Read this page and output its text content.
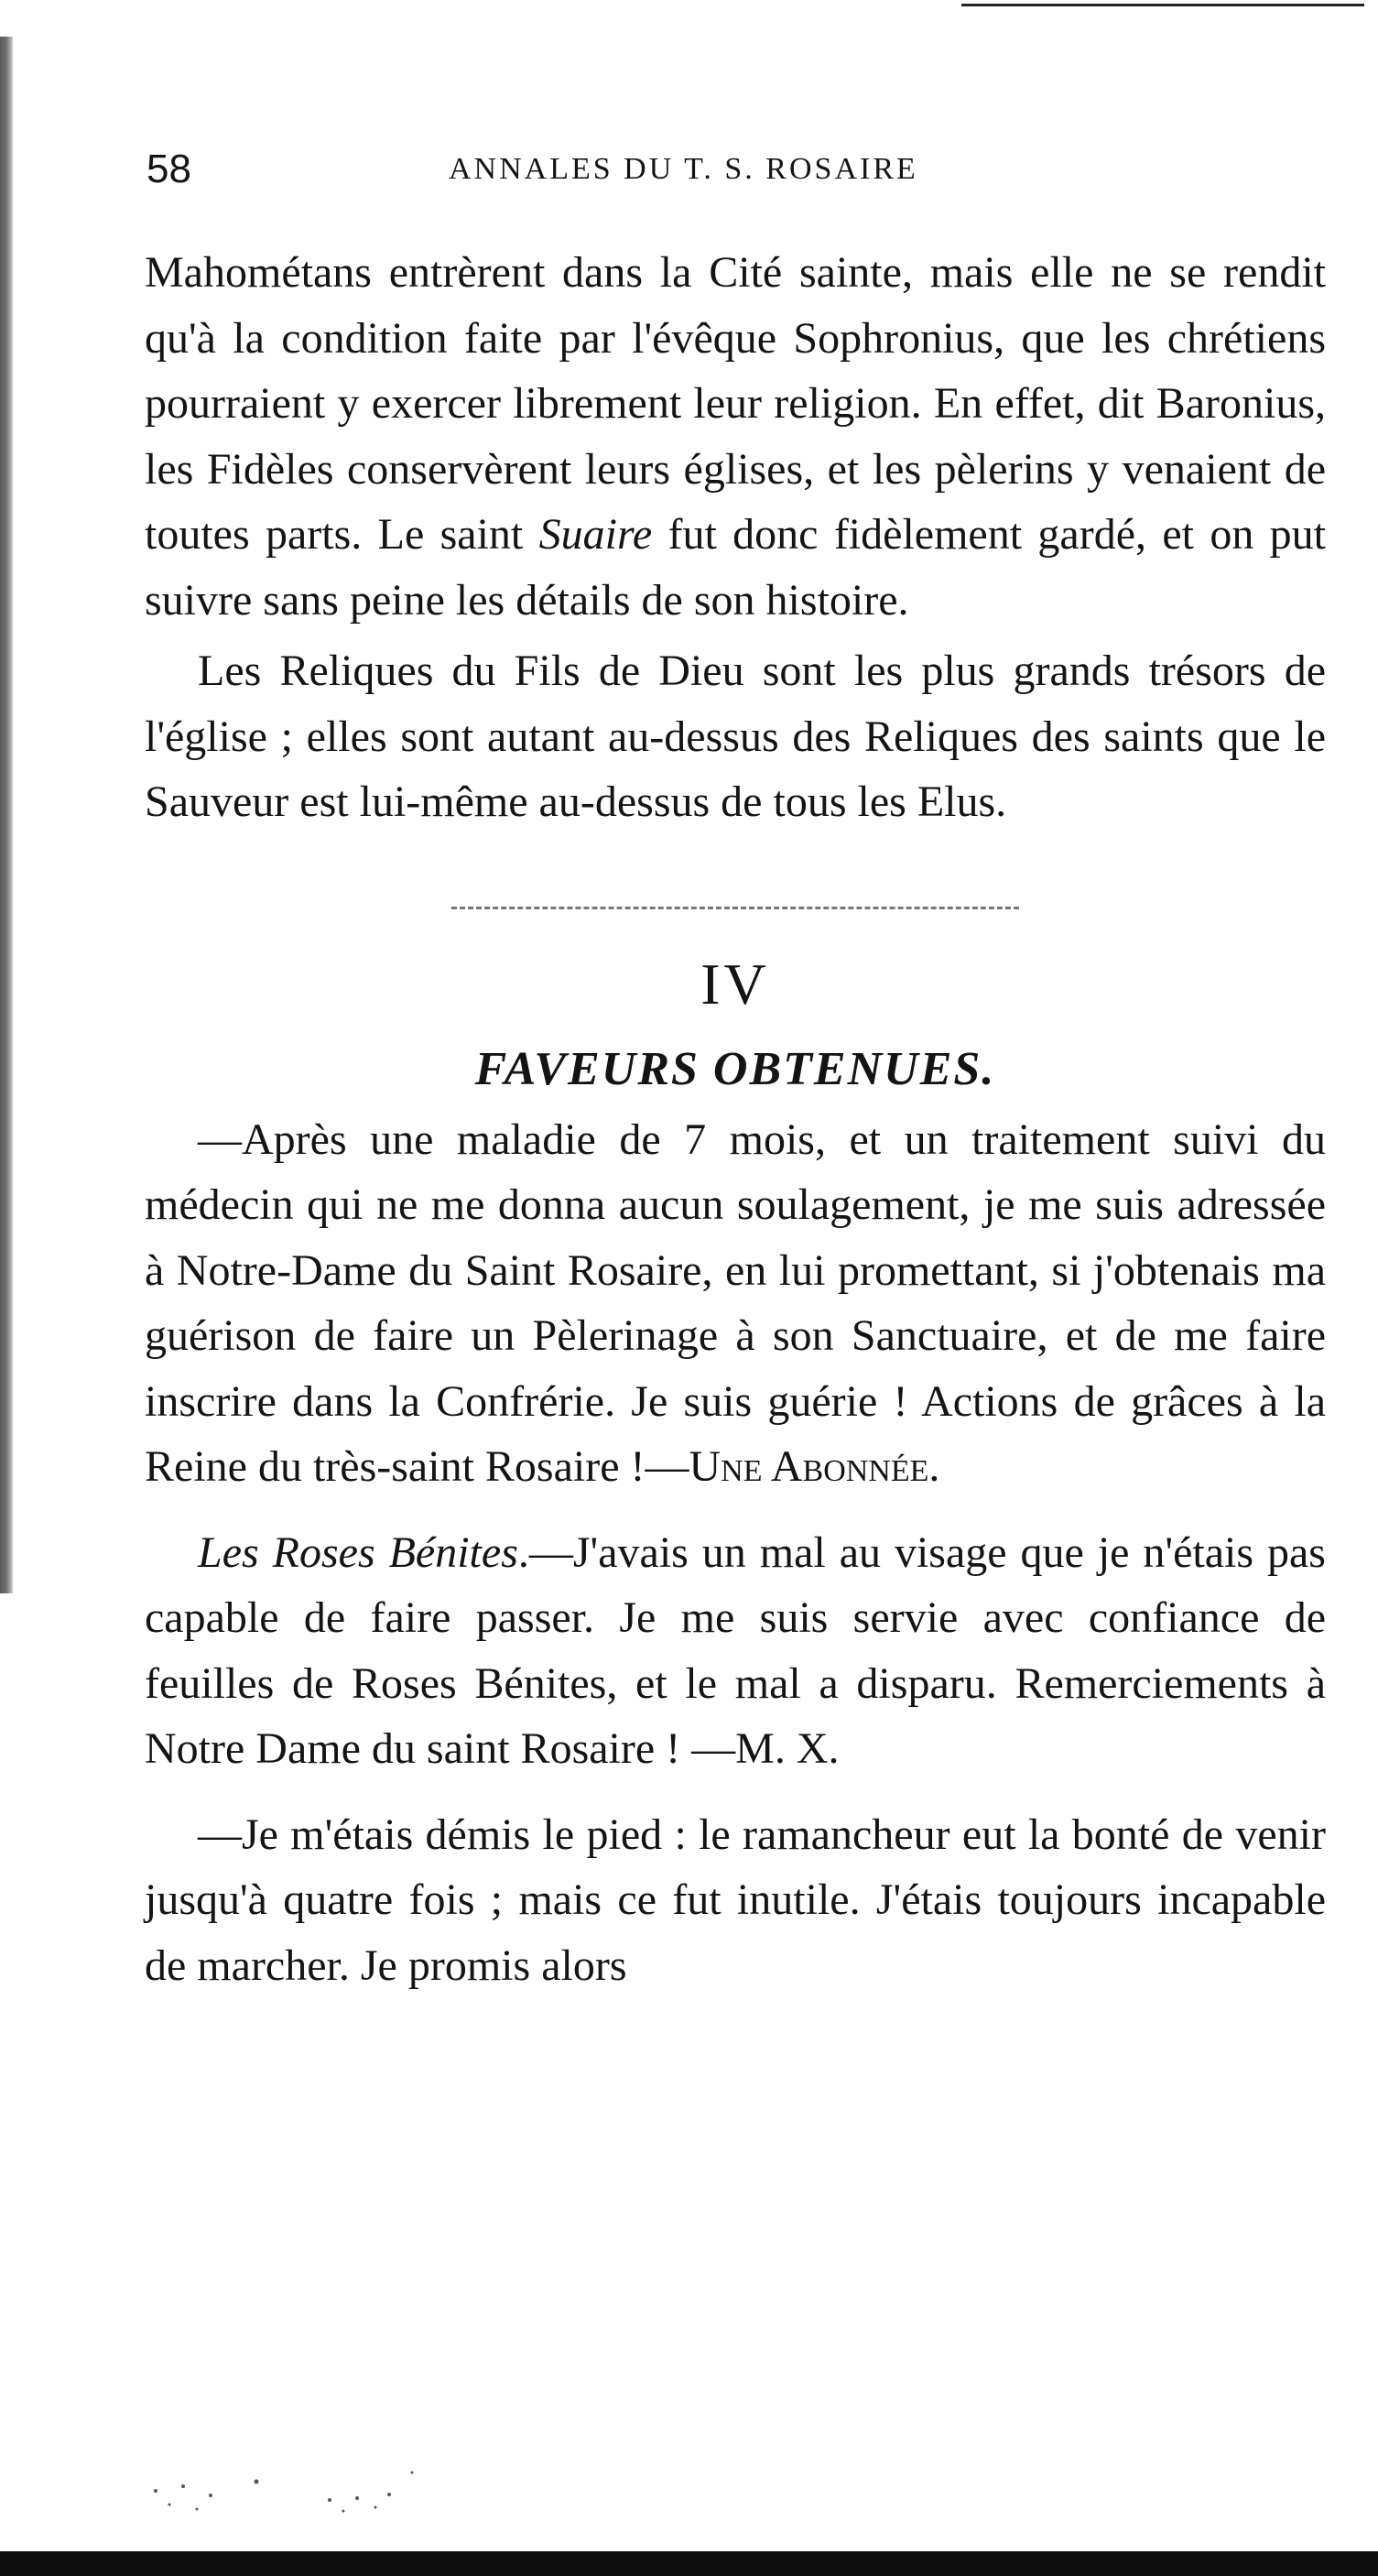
58	ANNALES DU T. S. ROSAIRE

Mahométans entrèrent dans la Cité sainte, mais elle ne se rendit qu'à la condition faite par l'évêque Sophronius, que les chrétiens pourraient y exercer librement leur religion. En effet, dit Baronius, les Fidèles conservèrent leurs églises, et les pèlerins y venaient de toutes parts. Le saint Suaire fut donc fidèlement gardé, et on put suivre sans peine les détails de son histoire.

Les Reliques du Fils de Dieu sont les plus grands trésors de l'église ; elles sont autant au-dessus des Reliques des saints que le Sauveur est lui-même au-dessus de tous les Elus.

IV
FAVEURS OBTENUES.

—Après une maladie de 7 mois, et un traitement suivi du médecin qui ne me donna aucun soulagement, je me suis adressée à Notre-Dame du Saint Rosaire, en lui promettant, si j'obtenais ma guérison de faire un Pèlerinage à son Sanctuaire, et de me faire inscrire dans la Confrérie. Je suis guérie ! Actions de grâces à la Reine du très-saint Rosaire !—Une Abonnée.

Les Roses Bénites.—J'avais un mal au visage que je n'étais pas capable de faire passer. Je me suis servie avec confiance de feuilles de Roses Bénites, et le mal a disparu. Remerciements à Notre Dame du saint Rosaire ! —M. X.

—Je m'étais démis le pied : le ramancheur eut la bonté de venir jusqu'à quatre fois ; mais ce fut inutile. J'étais toujours incapable de marcher. Je promis alors
